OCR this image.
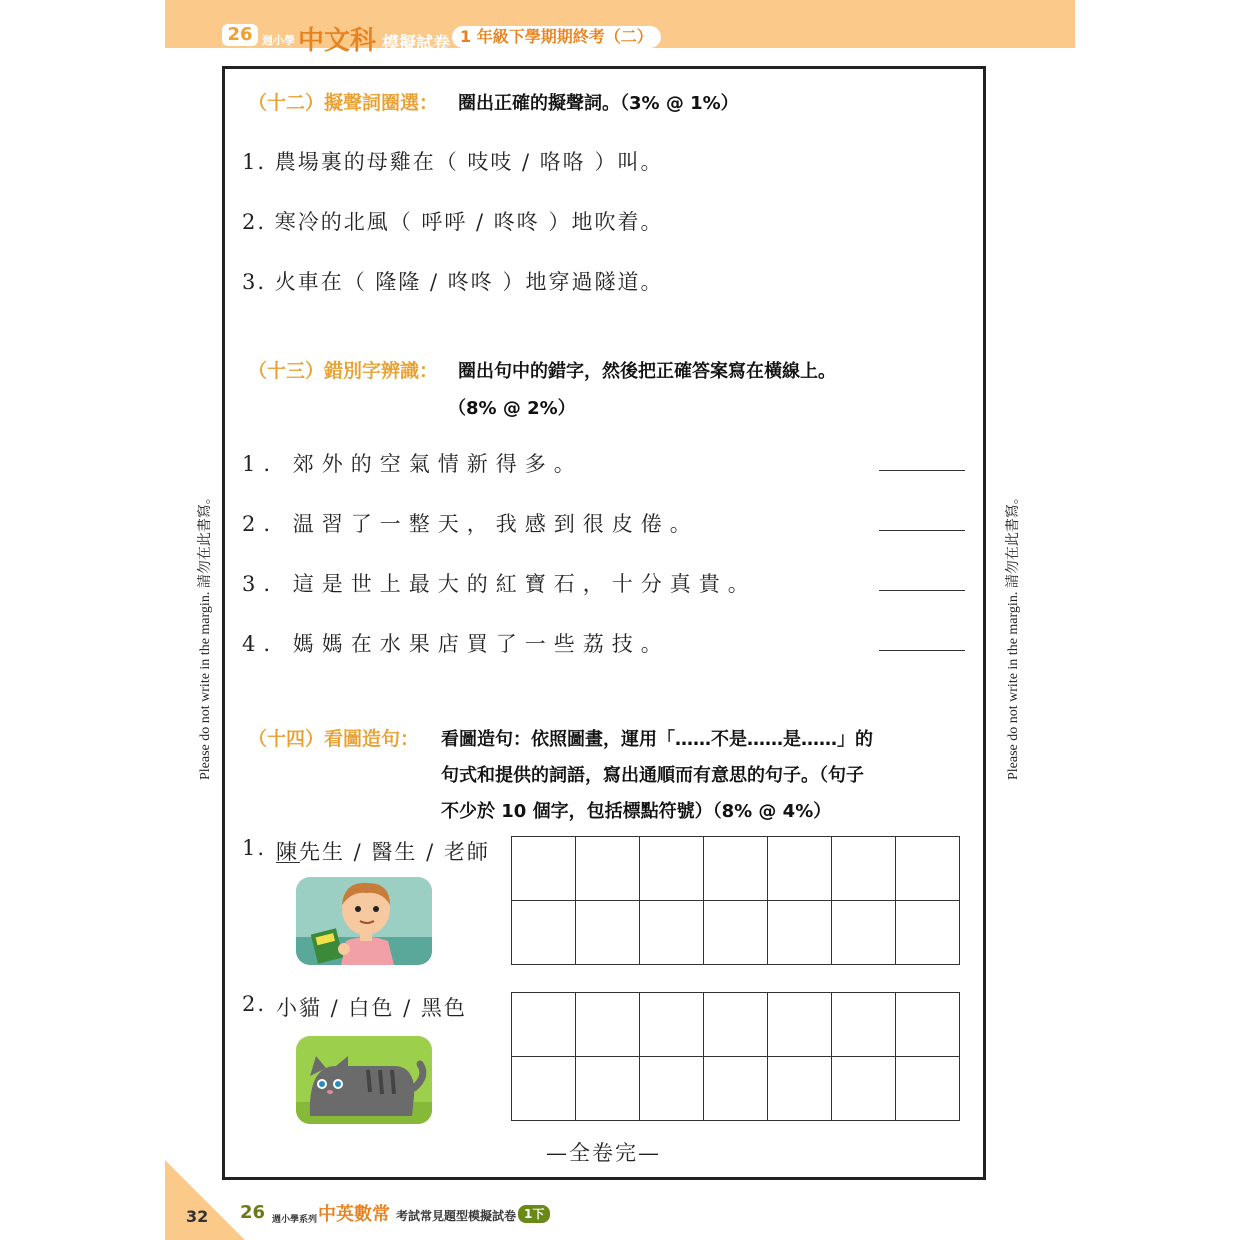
26 週小學 中文科 模擬試卷 1 年級下學期期終考（二）
Please do not write in the margin. 請勿在此書寫。	Please do not write in the margin. 請勿在此書寫。
（十二）擬聲詞圈選： 圈出正確的擬聲詞。（3% @ 1%）
1. 農場裏的母雞在（ 吱吱 / 咯咯 ）叫。
2. 寒冷的北風（ 呼呼 / 咚咚 ）地吹着。
3. 火車在（ 隆隆 / 咚咚 ）地穿過隧道。
（十三）錯別字辨識： 圈出句中的錯字，然後把正確答案寫在橫線上。
（8% @ 2%）
1. 郊外的空氣情新得多。
2. 温習了一整天，我感到很皮倦。
3. 這是世上最大的紅寶石，十分真貴。
4. 媽媽在水果店買了一些荔技。
（十四）看圖造句： 看圖造句：依照圖畫，運用「……不是……是……」的
句式和提供的詞語，寫出通順而有意思的句子。（句子
不少於 10 個字，包括標點符號）（8% @ 4%）
1. 陳先生 / 醫生 / 老師

2. 小貓 / 白色 / 黑色

—全卷完—
32 26 週小學系列 中英數常 考試常見題型模擬試卷 1下
